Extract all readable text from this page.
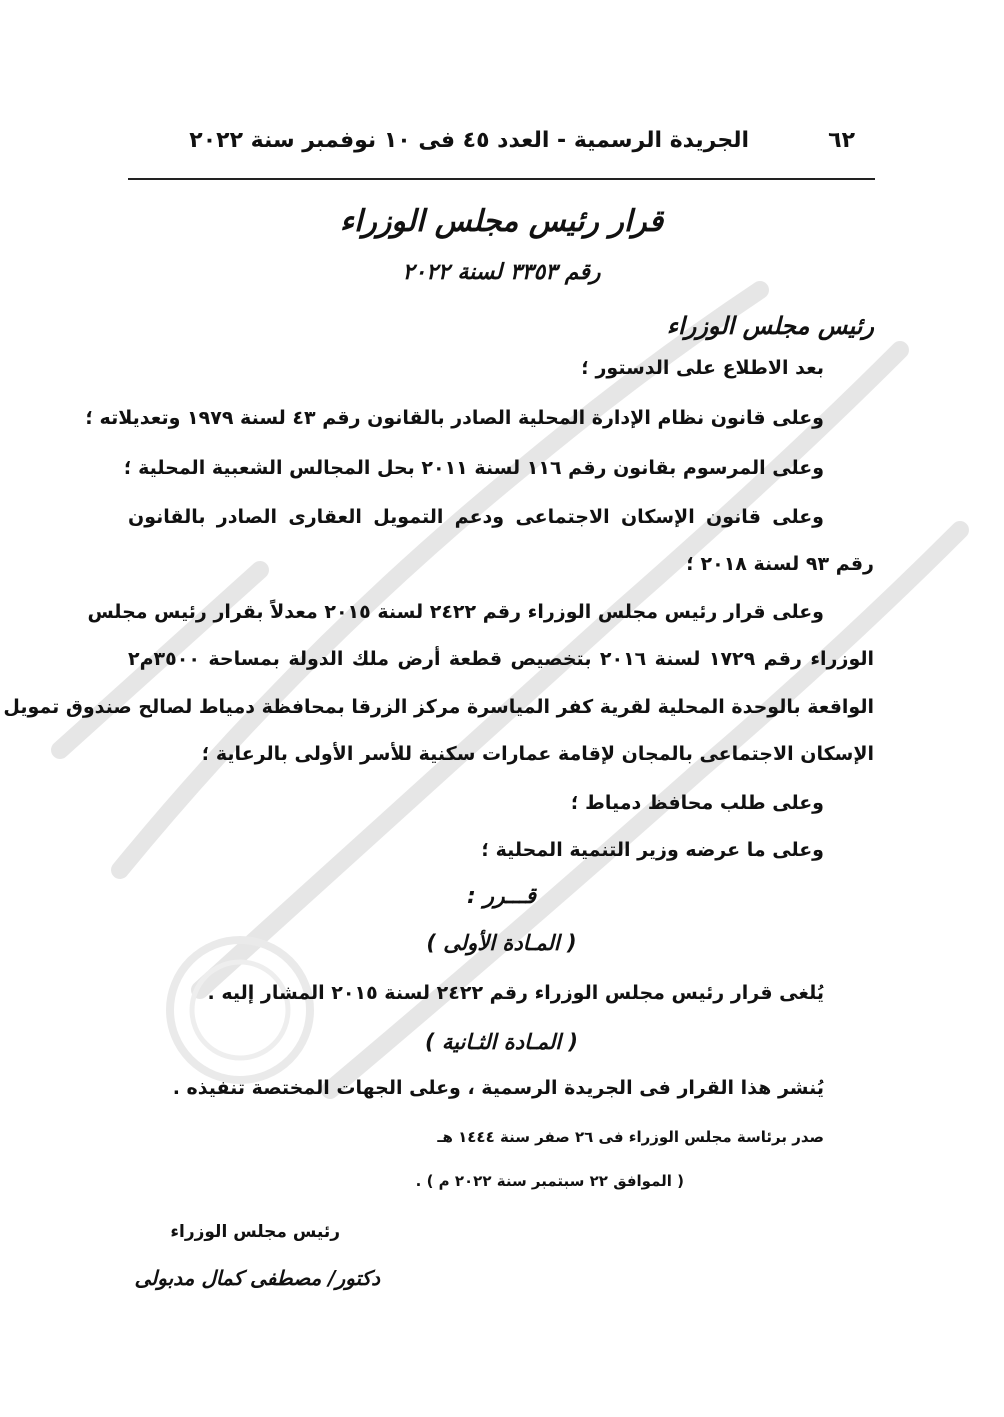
٦٢
الجريدة الرسمية - العدد ٤٥ فى ١٠ نوفمبر سنة ٢٠٢٢
قرار رئيس مجلس الوزراء
رقم ٣٣٥٣ لسنة ٢٠٢٢
رئيس مجلس الوزراء
بعد الاطلاع على الدستور ؛
وعلى قانون نظام الإدارة المحلية الصادر بالقانون رقم ٤٣ لسنة ١٩٧٩ وتعديلاته ؛
وعلى المرسوم بقانون رقم ١١٦ لسنة ٢٠١١ بحل المجالس الشعبية المحلية ؛
وعلى قانون الإسكان الاجتماعى ودعم التمويل العقارى الصادر بالقانون
رقم ٩٣ لسنة ٢٠١٨ ؛
وعلى قرار رئيس مجلس الوزراء رقم ٢٤٢٢ لسنة ٢٠١٥ معدلاً بقرار رئيس مجلس
الوزراء رقم ١٧٢٩ لسنة ٢٠١٦ بتخصيص قطعة أرض ملك الدولة بمساحة ٣٥٠٠م٢
الواقعة بالوحدة المحلية لقرية كفر المياسرة مركز الزرقا بمحافظة دمياط لصالح صندوق تمويل
الإسكان الاجتماعى بالمجان لإقامة عمارات سكنية للأسر الأولى بالرعاية ؛
وعلى طلب محافظ دمياط ؛
وعلى ما عرضه وزير التنمية المحلية ؛
قـــرر :
( المـادة الأولى )
يُلغى قرار رئيس مجلس الوزراء رقم ٢٤٢٢ لسنة ٢٠١٥ المشار إليه .
( المـادة الثـانية )
يُنشر هذا القرار فى الجريدة الرسمية ، وعلى الجهات المختصة تنفيذه .
صدر برئاسة مجلس الوزراء فى ٢٦ صفر سنة ١٤٤٤ هـ
( الموافق ٢٢ سبتمبر سنة ٢٠٢٢ م ) .
رئيس مجلس الوزراء
دكتور/ مصطفى كمال مدبولى
